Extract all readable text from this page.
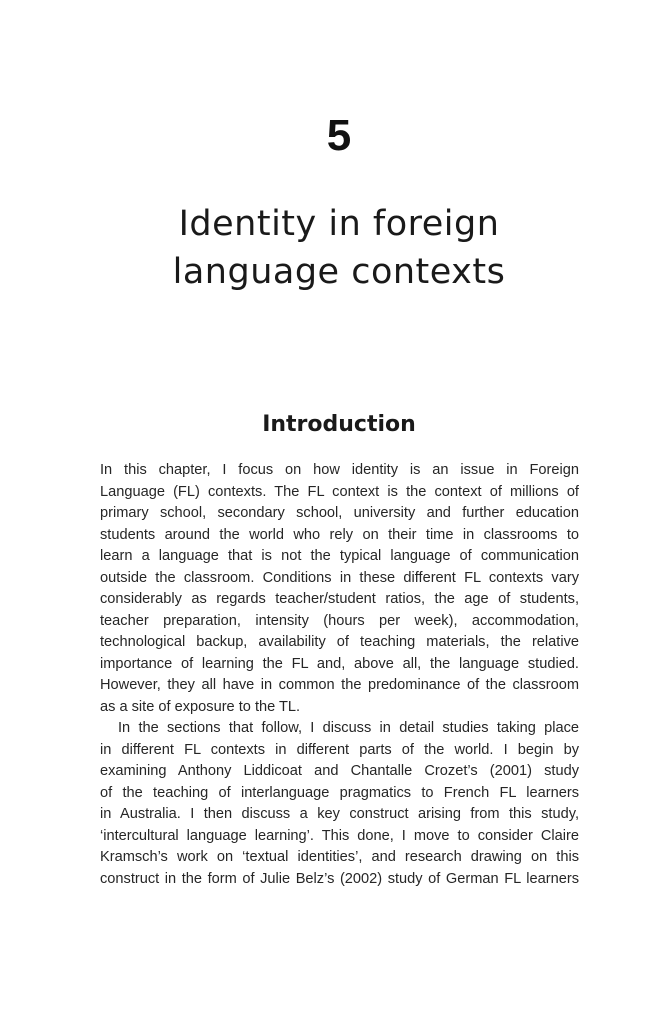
5
Identity in foreign
language contexts
Introduction
In this chapter, I focus on how identity is an issue in Foreign
Language (FL) contexts. The FL context is the context of millions of
primary school, secondary school, university and further education
students around the world who rely on their time in classrooms to
learn a language that is not the typical language of communication
outside the classroom. Conditions in these different FL contexts vary
considerably as regards teacher/student ratios, the age of students,
teacher preparation, intensity (hours per week), accommodation,
technological backup, availability of teaching materials, the relative
importance of learning the FL and, above all, the language studied.
However, they all have in common the predominance of the classroom
as a site of exposure to the TL.
In the sections that follow, I discuss in detail studies taking place
in different FL contexts in different parts of the world. I begin by
examining Anthony Liddicoat and Chantalle Crozet’s (2001) study
of the teaching of interlanguage pragmatics to French FL learners
in Australia. I then discuss a key construct arising from this study,
‘intercultural language learning’. This done, I move to consider Claire
Kramsch’s work on ‘textual identities’, and research drawing on this
construct in the form of Julie Belz’s (2002) study of German FL learners
